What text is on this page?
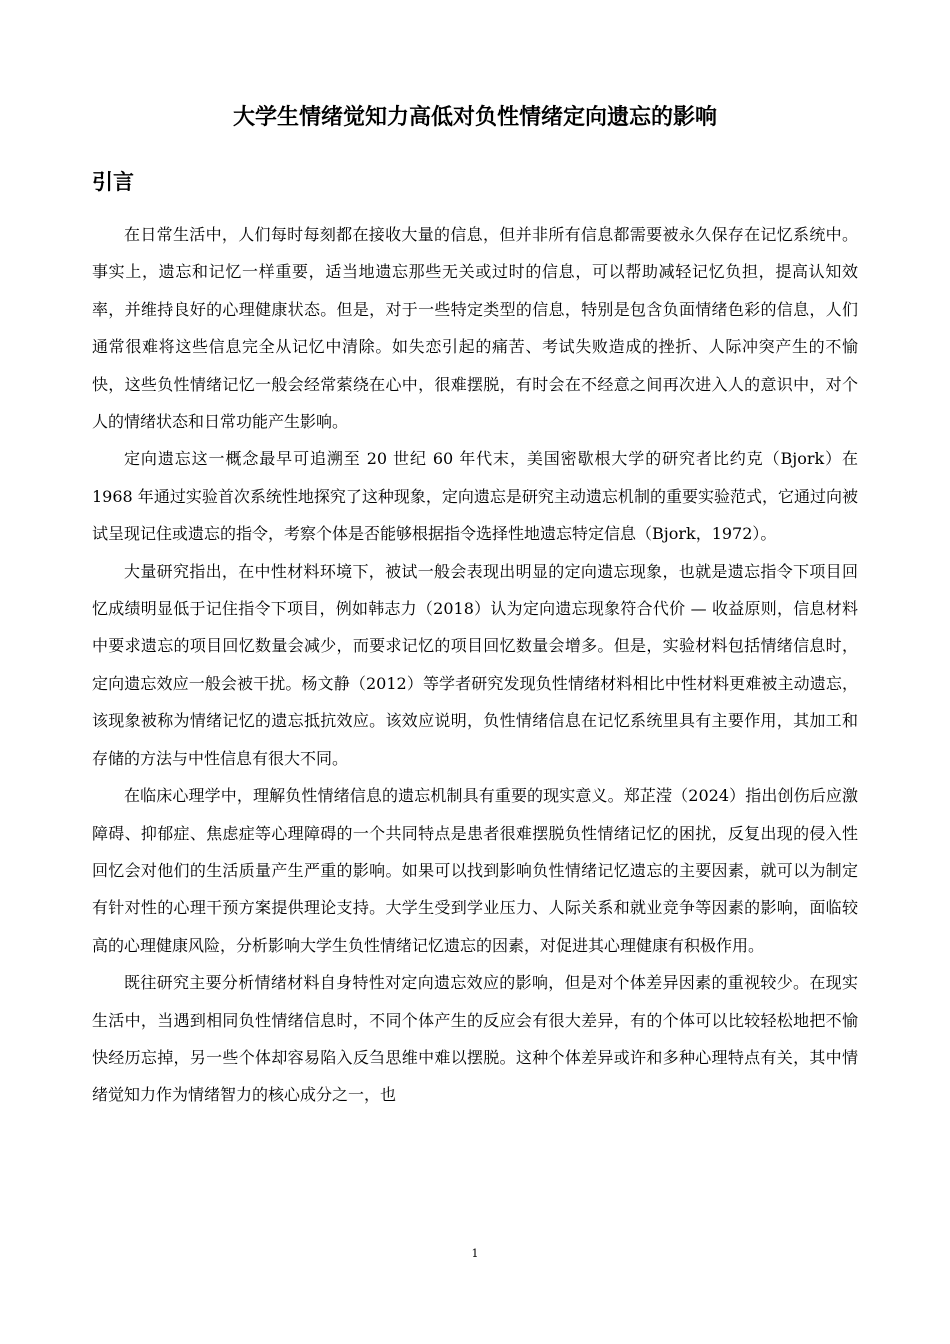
大学生情绪觉知力高低对负性情绪定向遗忘的影响
引言

在日常生活中，人们每时每刻都在接收大量的信息，但并非所有信息都需要被永久保存在记忆系统中。事实上，遗忘和记忆一样重要，适当地遗忘那些无关或过时的信息，可以帮助减轻记忆负担，提高认知效率，并维持良好的心理健康状态。但是，对于一些特定类型的信息，特别是包含负面情绪色彩的信息，人们通常很难将这些信息完全从记忆中清除。如失恋引起的痛苦、考试失败造成的挫折、人际冲突产生的不愉快，这些负性情绪记忆一般会经常萦绕在心中，很难摆脱，有时会在不经意之间再次进入人的意识中，对个人的情绪状态和日常功能产生影响。

定向遗忘这一概念最早可追溯至 20 世纪 60 年代末，美国密歇根大学的研究者比约克（Bjork）在 1968 年通过实验首次系统性地探究了这种现象，定向遗忘是研究主动遗忘机制的重要实验范式，它通过向被试呈现记住或遗忘的指令，考察个体是否能够根据指令选择性地遗忘特定信息（Bjork，1972）。

大量研究指出，在中性材料环境下，被试一般会表现出明显的定向遗忘现象，也就是遗忘指令下项目回忆成绩明显低于记住指令下项目，例如韩志力（2018）认为定向遗忘现象符合代价 — 收益原则，信息材料中要求遗忘的项目回忆数量会减少，而要求记忆的项目回忆数量会增多。但是，实验材料包括情绪信息时，定向遗忘效应一般会被干扰。杨文静（2012）等学者研究发现负性情绪材料相比中性材料更难被主动遗忘，该现象被称为情绪记忆的遗忘抵抗效应。该效应说明，负性情绪信息在记忆系统里具有主要作用，其加工和存储的方法与中性信息有很大不同。

在临床心理学中，理解负性情绪信息的遗忘机制具有重要的现实意义。郑芷滢（2024）指出创伤后应激障碍、抑郁症、焦虑症等心理障碍的一个共同特点是患者很难摆脱负性情绪记忆的困扰，反复出现的侵入性回忆会对他们的生活质量产生严重的影响。如果可以找到影响负性情绪记忆遗忘的主要因素，就可以为制定有针对性的心理干预方案提供理论支持。大学生受到学业压力、人际关系和就业竞争等因素的影响，面临较高的心理健康风险，分析影响大学生负性情绪记忆遗忘的因素，对促进其心理健康有积极作用。

既往研究主要分析情绪材料自身特性对定向遗忘效应的影响，但是对个体差异因素的重视较少。在现实生活中，当遇到相同负性情绪信息时，不同个体产生的反应会有很大差异，有的个体可以比较轻松地把不愉快经历忘掉，另一些个体却容易陷入反刍思维中难以摆脱。这种个体差异或许和多种心理特点有关，其中情绪觉知力作为情绪智力的核心成分之一，也

1
